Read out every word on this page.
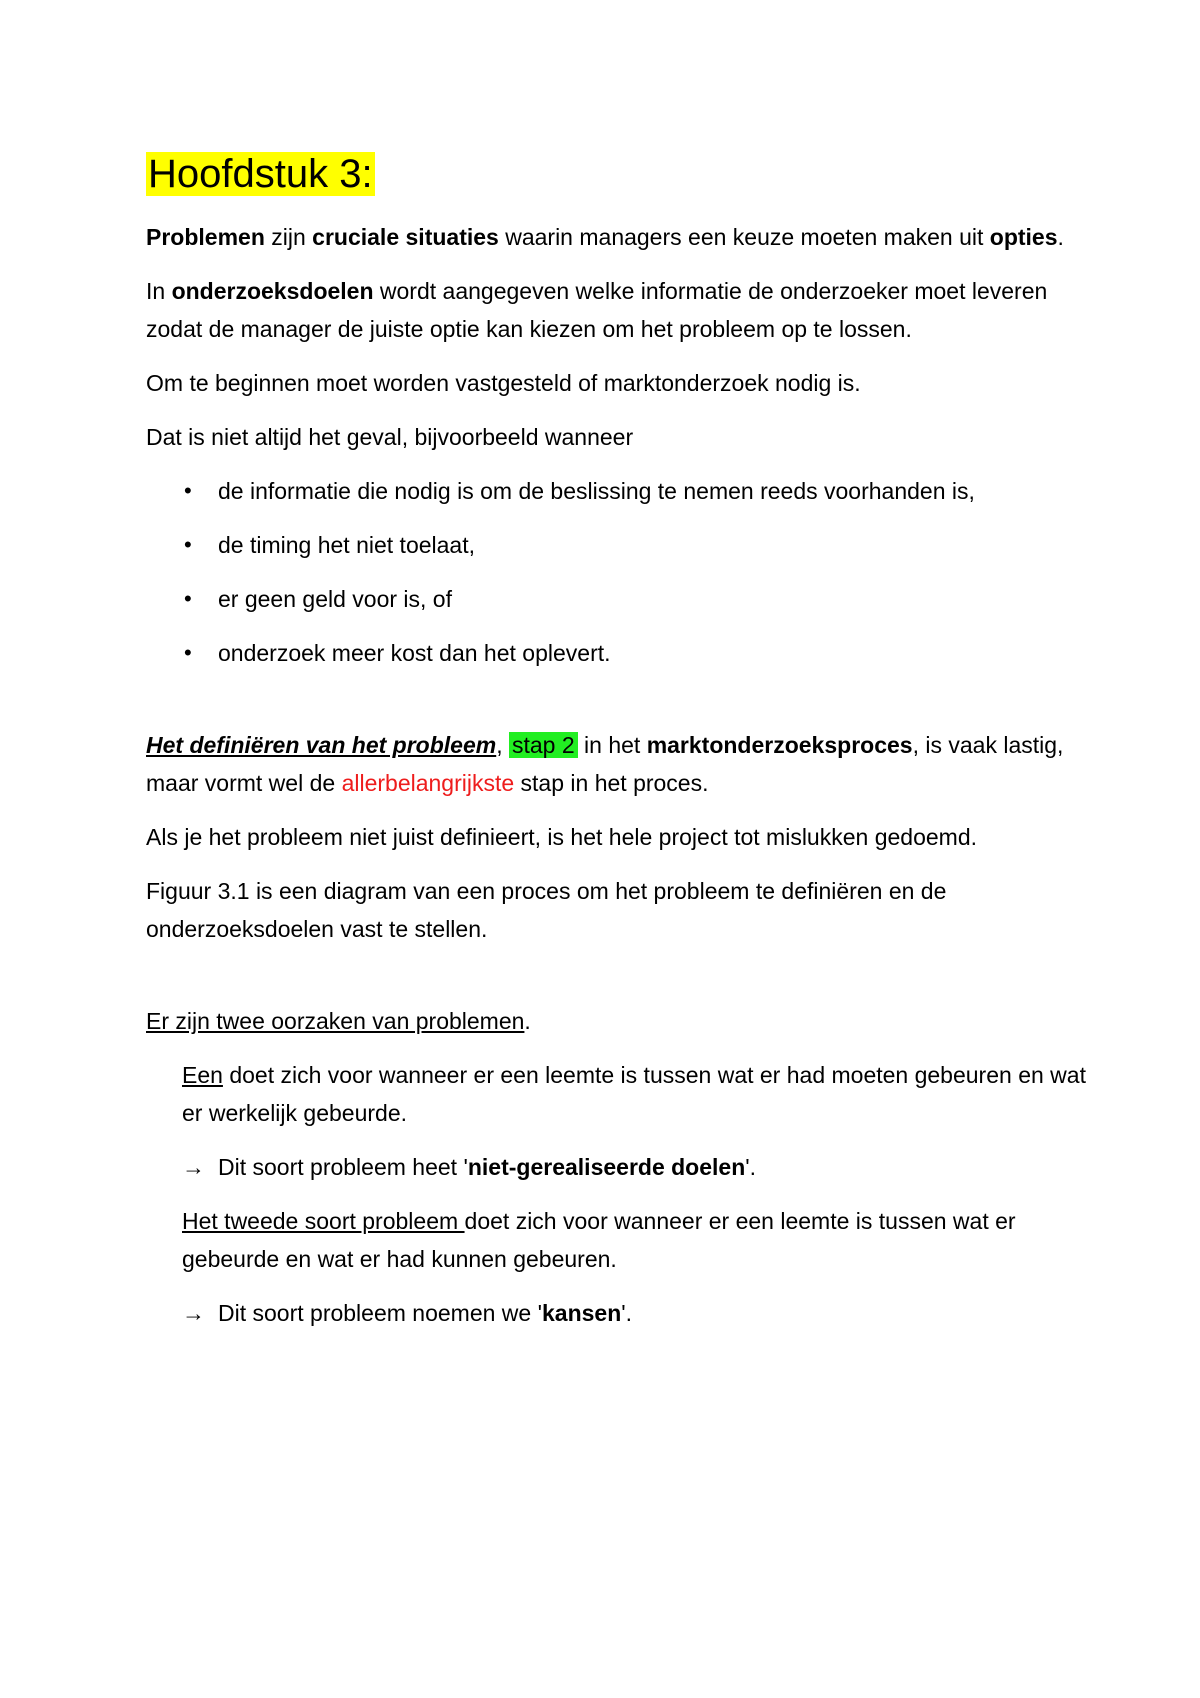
Hoofdstuk 3:

Problemen zijn cruciale situaties waarin managers een keuze moeten maken uit opties.

In onderzoeksdoelen wordt aangegeven welke informatie de onderzoeker moet leveren zodat de manager de juiste optie kan kiezen om het probleem op te lossen.

Om te beginnen moet worden vastgesteld of marktonderzoek nodig is.

Dat is niet altijd het geval, bijvoorbeeld wanneer

• de informatie die nodig is om de beslissing te nemen reeds voorhanden is,
• de timing het niet toelaat,
• er geen geld voor is, of
• onderzoek meer kost dan het oplevert.

Het definiëren van het probleem, stap 2 in het marktonderzoeksproces, is vaak lastig, maar vormt wel de allerbelangrijkste stap in het proces.

Als je het probleem niet juist definieert, is het hele project tot mislukken gedoemd.

Figuur 3.1 is een diagram van een proces om het probleem te definiëren en de onderzoeksdoelen vast te stellen.

Er zijn twee oorzaken van problemen.

Een doet zich voor wanneer er een leemte is tussen wat er had moeten gebeuren en wat er werkelijk gebeurde.

→ Dit soort probleem heet 'niet-gerealiseerde doelen'.

Het tweede soort probleem doet zich voor wanneer er een leemte is tussen wat er gebeurde en wat er had kunnen gebeuren.

→ Dit soort probleem noemen we 'kansen'.
